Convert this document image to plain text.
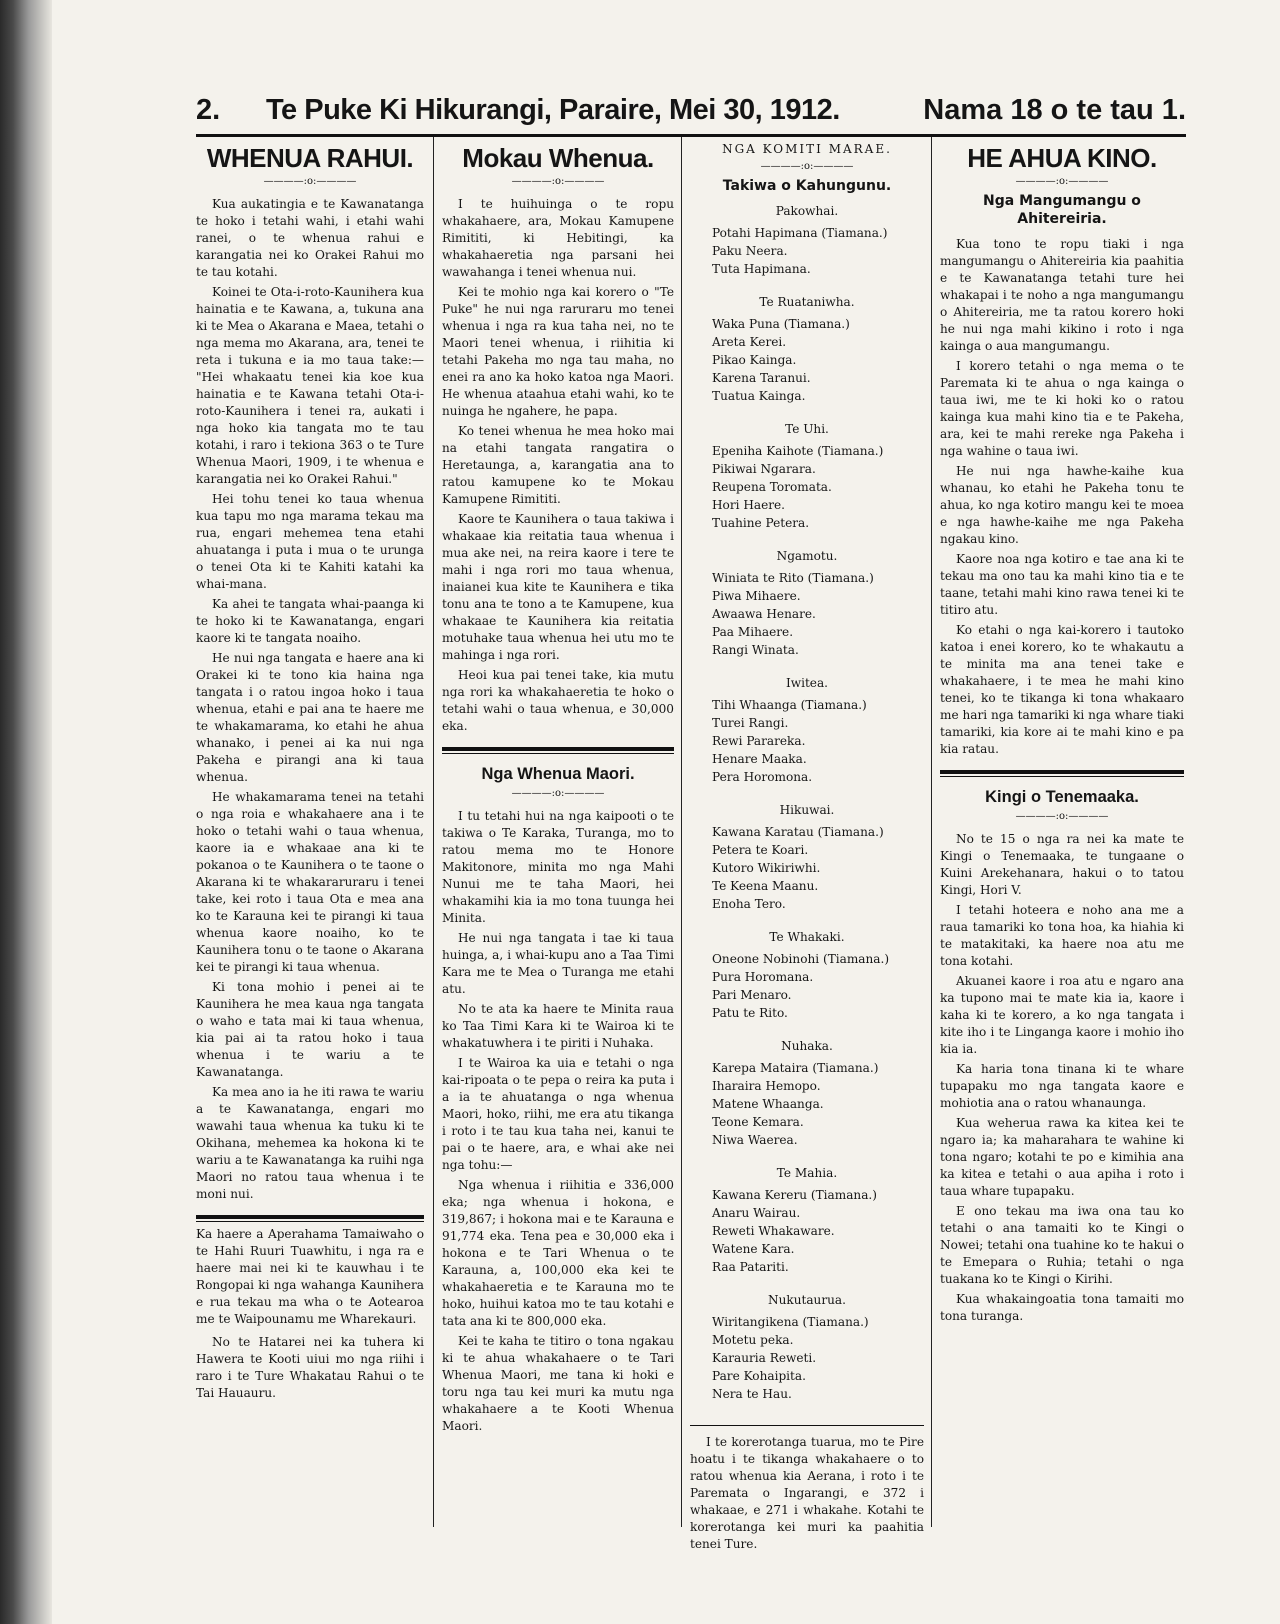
2. Te Puke Ki Hikurangi, Paraire, Mei 30, 1912.	Nama 18 o te tau 1.
WHENUA RAHUI.
————:o:————

Kua aukatingia e te Kawanatanga te hoko i tetahi wahi, i etahi wahi ranei, o te whenua rahui e karangatia nei ko Orakei Rahui mo te tau kotahi.

Koinei te Ota-i-roto-Kaunihera kua hainatia e te Kawana, a, tukuna ana ki te Mea o Akarana e Maea, tetahi o nga mema mo Akarana, ara, tenei te reta i tukuna e ia mo taua take:— "Hei whakaatu tenei kia koe kua hainatia e te Kawana tetahi Ota-i-roto-Kaunihera i tenei ra, aukati i nga hoko kia tangata mo te tau kotahi, i raro i tekiona 363 o te Ture Whenua Maori, 1909, i te whenua e karangatia nei ko Orakei Rahui."

Hei tohu tenei ko taua whenua kua tapu mo nga marama tekau ma rua, engari mehemea tena etahi ahuatanga i puta i mua o te urunga o tenei Ota ki te Kahiti katahi ka whai-mana.

Ka ahei te tangata whai-paanga ki te hoko ki te Kawanatanga, engari kaore ki te tangata noaiho.

He nui nga tangata e haere ana ki Orakei ki te tono kia haina nga tangata i o ratou ingoa hoko i taua whenua, etahi e pai ana te haere me te whakamarama, ko etahi he ahua whanako, i penei ai ka nui nga Pakeha e pirangi ana ki taua whenua.

He whakamarama tenei na tetahi o nga roia e whakahaere ana i te hoko o tetahi wahi o taua whenua, kaore ia e whakaae ana ki te pokanoa o te Kaunihera o te taone o Akarana ki te whakararuraru i tenei take, kei roto i taua Ota e mea ana ko te Karauna kei te pirangi ki taua whenua kaore noaiho, ko te Kaunihera tonu o te taone o Akarana kei te pirangi ki taua whenua.

Ki tona mohio i penei ai te Kaunihera he mea kaua nga tangata o waho e tata mai ki taua whenua, kia pai ai ta ratou hoko i taua whenua i te wariu a te Kawanatanga.

Ka mea ano ia he iti rawa te wariu a te Kawanatanga, engari mo wawahi taua whenua ka tuku ki te Okihana, mehemea ka hokona ki te wariu a te Kawanatanga ka ruihi nga Maori no ratou taua whenua i te moni nui.

Ka haere a Aperahama Tamaiwaho o te Hahi Ruuri Tuawhitu, i nga ra e haere mai nei ki te kauwhau i te Rongopai ki nga wahanga Kaunihera e rua tekau ma wha o te Aotearoa me te Waipounamu me Wharekauri.

No te Hatarei nei ka tuhera ki Hawera te Kooti uiui mo nga riihi i raro i te Ture Whakatau Rahui o te Tai Hauauru.

Mokau Whenua.
————:o:————

I te huihuinga o te ropu whakahaere, ara, Mokau Kamupene Rimititi, ki Hebitingi, ka whakahaeretia nga parsani hei wawahanga i tenei whenua nui.

Kei te mohio nga kai korero o "Te Puke" he nui nga raruraru mo tenei whenua i nga ra kua taha nei, no te Maori tenei whenua, i riihitia ki tetahi Pakeha mo nga tau maha, no enei ra ano ka hoko katoa nga Maori. He whenua ataahua etahi wahi, ko te nuinga he ngahere, he papa.

Ko tenei whenua he mea hoko mai na etahi tangata rangatira o Heretaunga, a, karangatia ana to ratou kamupene ko te Mokau Kamupene Rimititi.

Kaore te Kaunihera o taua takiwa i whakaae kia reitatia taua whenua i mua ake nei, na reira kaore i tere te mahi i nga rori mo taua whenua, inaianei kua kite te Kaunihera e tika tonu ana te tono a te Kamupene, kua whakaae te Kaunihera kia reitatia motuhake taua whenua hei utu mo te mahinga i nga rori.

Heoi kua pai tenei take, kia mutu nga rori ka whakahaeretia te hoko o tetahi wahi o taua whenua, e 30,000 eka.

Nga Whenua Maori.
————:o:————

I tu tetahi hui na nga kaipooti o te takiwa o Te Karaka, Turanga, mo to ratou mema mo te Honore Makitonore, minita mo nga Mahi Nunui me te taha Maori, hei whakamihi kia ia mo tona tuunga hei Minita.

He nui nga tangata i tae ki taua huinga, a, i whai-kupu ano a Taa Timi Kara me te Mea o Turanga me etahi atu.

No te ata ka haere te Minita raua ko Taa Timi Kara ki te Wairoa ki te whakatuwhera i te piriti i Nuhaka.

I te Wairoa ka uia e tetahi o nga kai-ripoata o te pepa o reira ka puta i a ia te ahuatanga o nga whenua Maori, hoko, riihi, me era atu tikanga i roto i te tau kua taha nei, kanui te pai o te haere, ara, e whai ake nei nga tohu:—

Nga whenua i riihitia e 336,000 eka; nga whenua i hokona, e 319,867; i hokona mai e te Karauna e 91,774 eka. Tena pea e 30,000 eka i hokona e te Tari Whenua o te Karauna, a, 100,000 eka kei te whakahaeretia e te Karauna mo te hoko, huihui katoa mo te tau kotahi e tata ana ki te 800,000 eka.

Kei te kaha te titiro o tona ngakau ki te ahua whakahaere o te Tari Whenua Maori, me tana ki hoki e toru nga tau kei muri ka mutu nga whakahaere a te Kooti Whenua Maori.

NGA KOMITI MARAE.
————:o:————
Takiwa o Kahungunu.
Pakowhai.
Potahi Hapimana (Tiamana.)
Paku Neera.
Tuta Hapimana.
Te Ruataniwha.
Waka Puna (Tiamana.)
Areta Kerei.
Pikao Kainga.
Karena Taranui.
Tuatua Kainga.
Te Uhi.
Epeniha Kaihote (Tiamana.)
Pikiwai Ngarara.
Reupena Toromata.
Hori Haere.
Tuahine Petera.
Ngamotu.
Winiata te Rito (Tiamana.)
Piwa Mihaere.
Awaawa Henare.
Paa Mihaere.
Rangi Winata.
Iwitea.
Tihi Whaanga (Tiamana.)
Turei Rangi.
Rewi Parareka.
Henare Maaka.
Pera Horomona.
Hikuwai.
Kawana Karatau (Tiamana.)
Petera te Koari.
Kutoro Wikiriwhi.
Te Keena Maanu.
Enoha Tero.
Te Whakaki.
Oneone Nobinohi (Tiamana.)
Pura Horomana.
Pari Menaro.
Patu te Rito.
Nuhaka.
Karepa Mataira (Tiamana.)
Iharaira Hemopo.
Matene Whaanga.
Teone Kemara.
Niwa Waerea.
Te Mahia.
Kawana Kereru (Tiamana.)
Anaru Wairau.
Reweti Whakaware.
Watene Kara.
Raa Patariti.
Nukutaurua.
Wiritangikena (Tiamana.)
Motetu peka.
Karauria Reweti.
Pare Kohaipita.
Nera te Hau.

I te korerotanga tuarua, mo te Pire hoatu i te tikanga whakahaere o to ratou whenua kia Aerana, i roto i te Paremata o Ingarangi, e 372 i whakaae, e 271 i whakahe. Kotahi te korerotanga kei muri ka paahitia tenei Ture.

HE AHUA KINO.
————:o:————
Nga Mangumangu o Ahitereiria.

Kua tono te ropu tiaki i nga mangumangu o Ahitereiria kia paahitia e te Kawanatanga tetahi ture hei whakapai i te noho a nga mangumangu o Ahitereiria, me ta ratou korero hoki he nui nga mahi kikino i roto i nga kainga o aua mangumangu.

I korero tetahi o nga mema o te Paremata ki te ahua o nga kainga o taua iwi, me te ki hoki ko o ratou kainga kua mahi kino tia e te Pakeha, ara, kei te mahi rereke nga Pakeha i nga wahine o taua iwi.

He nui nga hawhe-kaihe kua whanau, ko etahi he Pakeha tonu te ahua, ko nga kotiro mangu kei te moea e nga hawhe-kaihe me nga Pakeha ngakau kino.

Kaore noa nga kotiro e tae ana ki te tekau ma ono tau ka mahi kino tia e te taane, tetahi mahi kino rawa tenei ki te titiro atu.

Ko etahi o nga kai-korero i tautoko katoa i enei korero, ko te whakautu a te minita ma ana tenei take e whakahaere, i te mea he mahi kino tenei, ko te tikanga ki tona whakaaro me hari nga tamariki ki nga whare tiaki tamariki, kia kore ai te mahi kino e pa kia ratau.

Kingi o Tenemaaka.
————:o:————

No te 15 o nga ra nei ka mate te Kingi o Tenemaaka, te tungaane o Kuini Arekehanara, hakui o to tatou Kingi, Hori V.

I tetahi hoteera e noho ana me a raua tamariki ko tona hoa, ka hiahia ki te matakitaki, ka haere noa atu me tona kotahi.

Akuanei kaore i roa atu e ngaro ana ka tupono mai te mate kia ia, kaore i kaha ki te korero, a ko nga tangata i kite iho i te Linganga kaore i mohio iho kia ia.

Ka haria tona tinana ki te whare tupapaku mo nga tangata kaore e mohiotia ana o ratou whanaunga.

Kua weherua rawa ka kitea kei te ngaro ia; ka maharahara te wahine ki tona ngaro; kotahi te po e kimihia ana ka kitea e tetahi o aua apiha i roto i taua whare tupapaku.

E ono tekau ma iwa ona tau ko tetahi o ana tamaiti ko te Kingi o Nowei; tetahi ona tuahine ko te hakui o te Emepara o Ruhia; tetahi o nga tuakana ko te Kingi o Kirihi.

Kua whakaingoatia tona tamaiti mo tona turanga.
